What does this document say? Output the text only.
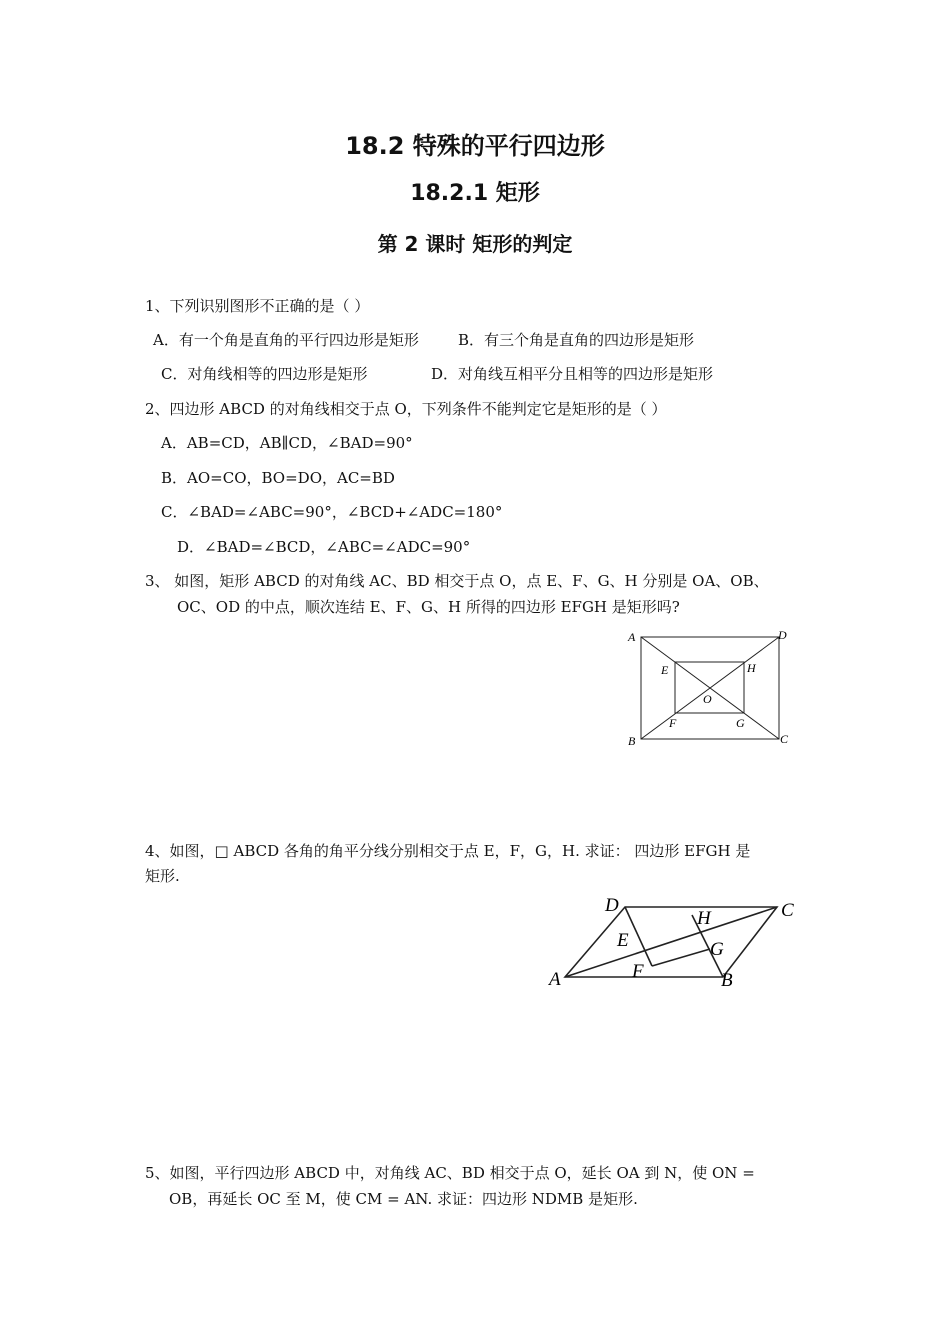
18.2 特殊的平行四边形
18.2.1 矩形
第 2 课时 矩形的判定
1、下列识别图形不正确的是（ ）
A．有一个角是直角的平行四边形是矩形	B．有三个角是直角的四边形是矩形
C．对角线相等的四边形是矩形	D．对角线互相平分且相等的四边形是矩形
2、四边形 ABCD 的对角线相交于点 O，下列条件不能判定它是矩形的是（ ）
A．AB=CD，AB∥CD，∠BAD=90°
B．AO=CO，BO=DO，AC=BD
C．∠BAD=∠ABC=90°，∠BCD+∠ADC=180°
D．∠BAD=∠BCD，∠ABC=∠ADC=90°
3、 如图，矩形 ABCD 的对角线 AC、BD 相交于点 O，点 E、F、G、H 分别是 OA、OB、
OC、OD 的中点，顺次连结 E、F、G、H 所得的四边形 EFGH 是矩形吗?
A	D
B	C
E	H
F	G
O
4、如图，□ ABCD 各角的角平分线分别相交于点 E，F，G，H. 求证： 四边形 EFGH 是
矩形.
A
D	C
B
E
F
G
H
5、如图，平行四边形 ABCD 中，对角线 AC、BD 相交于点 O，延长 OA 到 N，使 ON =
OB，再延长 OC 至 M，使 CM = AN. 求证：四边形 NDMB 是矩形.
